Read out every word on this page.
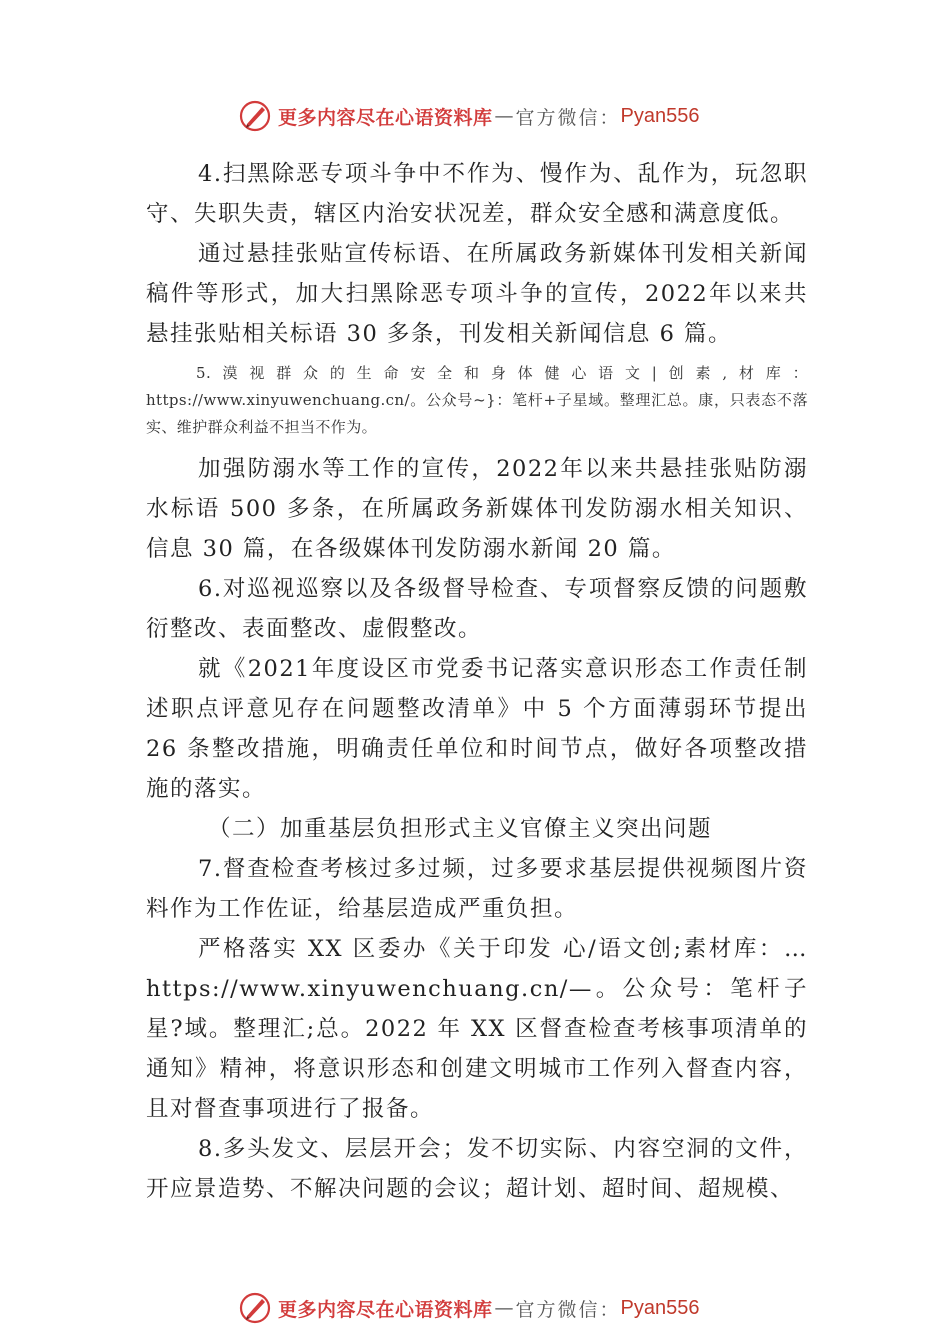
更多内容尽在心语资料库 — 官方微信： Pyan556

4.扫黑除恶专项斗争中不作为、慢作为、乱作为，玩忽职守、失职失责，辖区内治安状况差，群众安全感和满意度低。

通过悬挂张贴宣传标语、在所属政务新媒体刊发相关新闻稿件等形式，加大扫黑除恶专项斗争的宣传，2022年以来共悬挂张贴相关标语 30 多条，刊发相关新闻信息 6 篇。

5.漠视群众的生命安全和身体健心语文|创素,材库：https://www.xinyuwenchuang.cn/。公众号~}：笔杆+子星域。整理汇总。康，只表态不落实、维护群众利益不担当不作为。

加强防溺水等工作的宣传，2022年以来共悬挂张贴防溺水标语 500 多条，在所属政务新媒体刊发防溺水相关知识、信息 30 篇，在各级媒体刊发防溺水新闻 20 篇。

6.对巡视巡察以及各级督导检查、专项督察反馈的问题敷衍整改、表面整改、虚假整改。

就《2021年度设区市党委书记落实意识形态工作责任制述职点评意见存在问题整改清单》中 5 个方面薄弱环节提出 26 条整改措施，明确责任单位和时间节点，做好各项整改措施的落实。

（二）加重基层负担形式主义官僚主义突出问题

7.督查检查考核过多过频，过多要求基层提供视频图片资料作为工作佐证，给基层造成严重负担。

严格落实 XX 区委办《关于印发 心/语文创;素材库：…https://www.xinyuwenchuang.cn/—。公众号：笔杆子星?域。整理汇;总。2022 年 XX 区督查检查考核事项清单的通知》精神，将意识形态和创建文明城市工作列入督查内容，且对督查事项进行了报备。

8.多头发文、层层开会；发不切实际、内容空洞的文件，开应景造势、不解决问题的会议；超计划、超时间、超规模、

更多内容尽在心语资料库 — 官方微信： Pyan556
